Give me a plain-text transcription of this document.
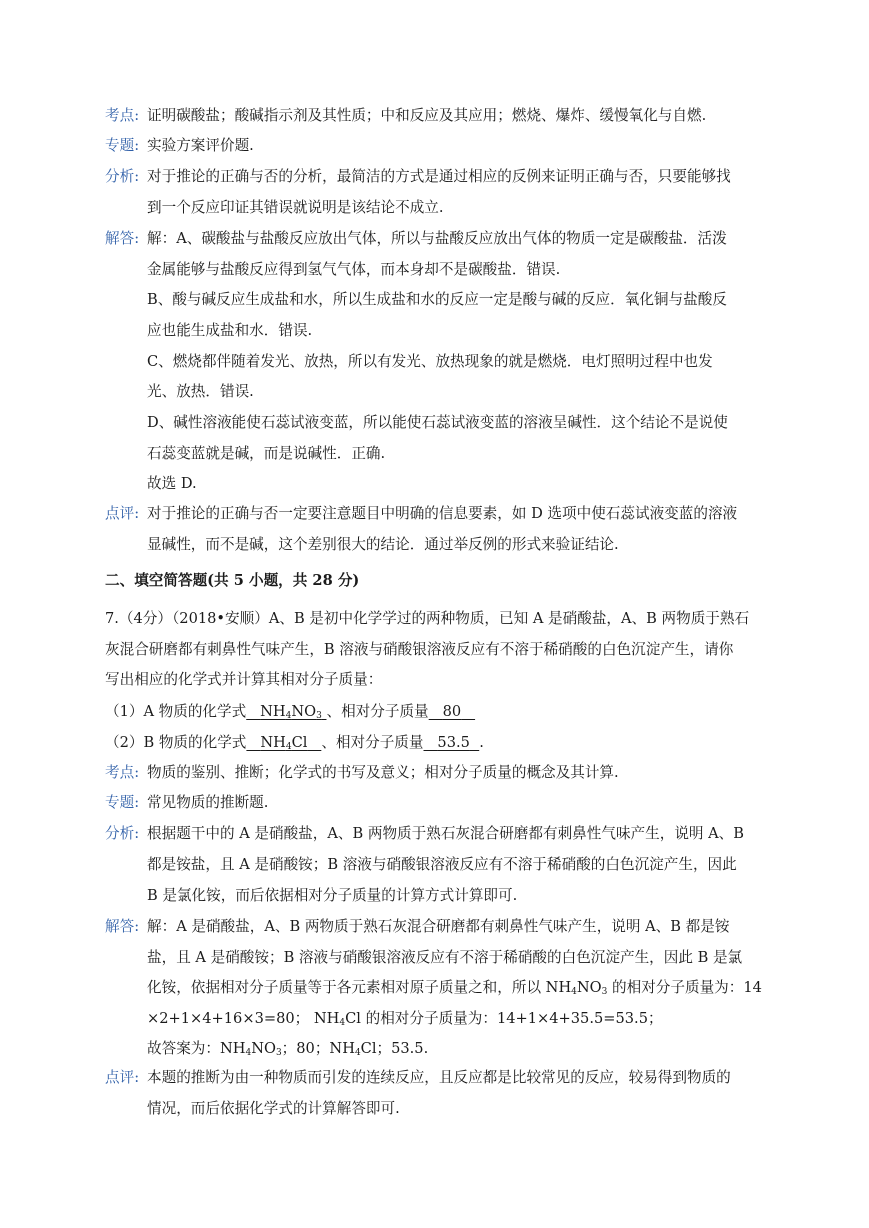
考点: 证明碳酸盐；酸碱指示剂及其性质；中和反应及其应用；燃烧、爆炸、缓慢氧化与自燃.
专题: 实验方案评价题.
分析: 对于推论的正确与否的分析，最简洁的方式是通过相应的反例来证明正确与否，只要能够找
到一个反应印证其错误就说明是该结论不成立.
解答: 解：A、碳酸盐与盐酸反应放出气体，所以与盐酸反应放出气体的物质一定是碳酸盐．活泼
金属能够与盐酸反应得到氢气气体，而本身却不是碳酸盐．错误.
B、酸与碱反应生成盐和水，所以生成盐和水的反应一定是酸与碱的反应．氧化铜与盐酸反
应也能生成盐和水．错误.
C、燃烧都伴随着发光、放热，所以有发光、放热现象的就是燃烧．电灯照明过程中也发
光、放热．错误.
D、碱性溶液能使石蕊试液变蓝，所以能使石蕊试液变蓝的溶液呈碱性．这个结论不是说使
石蕊变蓝就是碱，而是说碱性．正确.
故选 D.
点评: 对于推论的正确与否一定要注意题目中明确的信息要素，如 D 选项中使石蕊试液变蓝的溶液
显碱性，而不是碱，这个差别很大的结论．通过举反例的形式来验证结论.
二、填空简答题(共 5 小题，共 28 分)
7.（4分）（2018•安顺）A、B 是初中化学学过的两种物质，已知 A 是硝酸盐，A、B 两物质于熟石
灰混合研磨都有刺鼻性气味产生，B 溶液与硝酸银溶液反应有不溶于稀硝酸的白色沉淀产生，请你
写出相应的化学式并计算其相对分子质量：
（1）A 物质的化学式 $NH_4NO_3$ 、相对分子质量 80
（2）B 物质的化学式 $NH_4Cl$ 、相对分子质量 53.5 .
考点: 物质的鉴别、推断；化学式的书写及意义；相对分子质量的概念及其计算.
专题: 常见物质的推断题.
分析: 根据题干中的 A 是硝酸盐，A、B 两物质于熟石灰混合研磨都有刺鼻性气味产生，说明 A、B
都是铵盐，且 A 是硝酸铵；B 溶液与硝酸银溶液反应有不溶于稀硝酸的白色沉淀产生，因此
B 是氯化铵，而后依据相对分子质量的计算方式计算即可.
解答: 解：A 是硝酸盐，A、B 两物质于熟石灰混合研磨都有刺鼻性气味产生，说明 A、B 都是铵
盐，且 A 是硝酸铵；B 溶液与硝酸银溶液反应有不溶于稀硝酸的白色沉淀产生，因此 B 是氯
化铵，依据相对分子质量等于各元素相对原子质量之和，所以 $NH_4NO_3$ 的相对分子质量为：14
×2+1×4+16×3=80； $NH_4Cl$ 的相对分子质量为：14+1×4+35.5=53.5；
故答案为：$NH_4NO_3$；80；$NH_4Cl$；53.5.
点评: 本题的推断为由一种物质而引发的连续反应，且反应都是比较常见的反应，较易得到物质的
情况，而后依据化学式的计算解答即可.
